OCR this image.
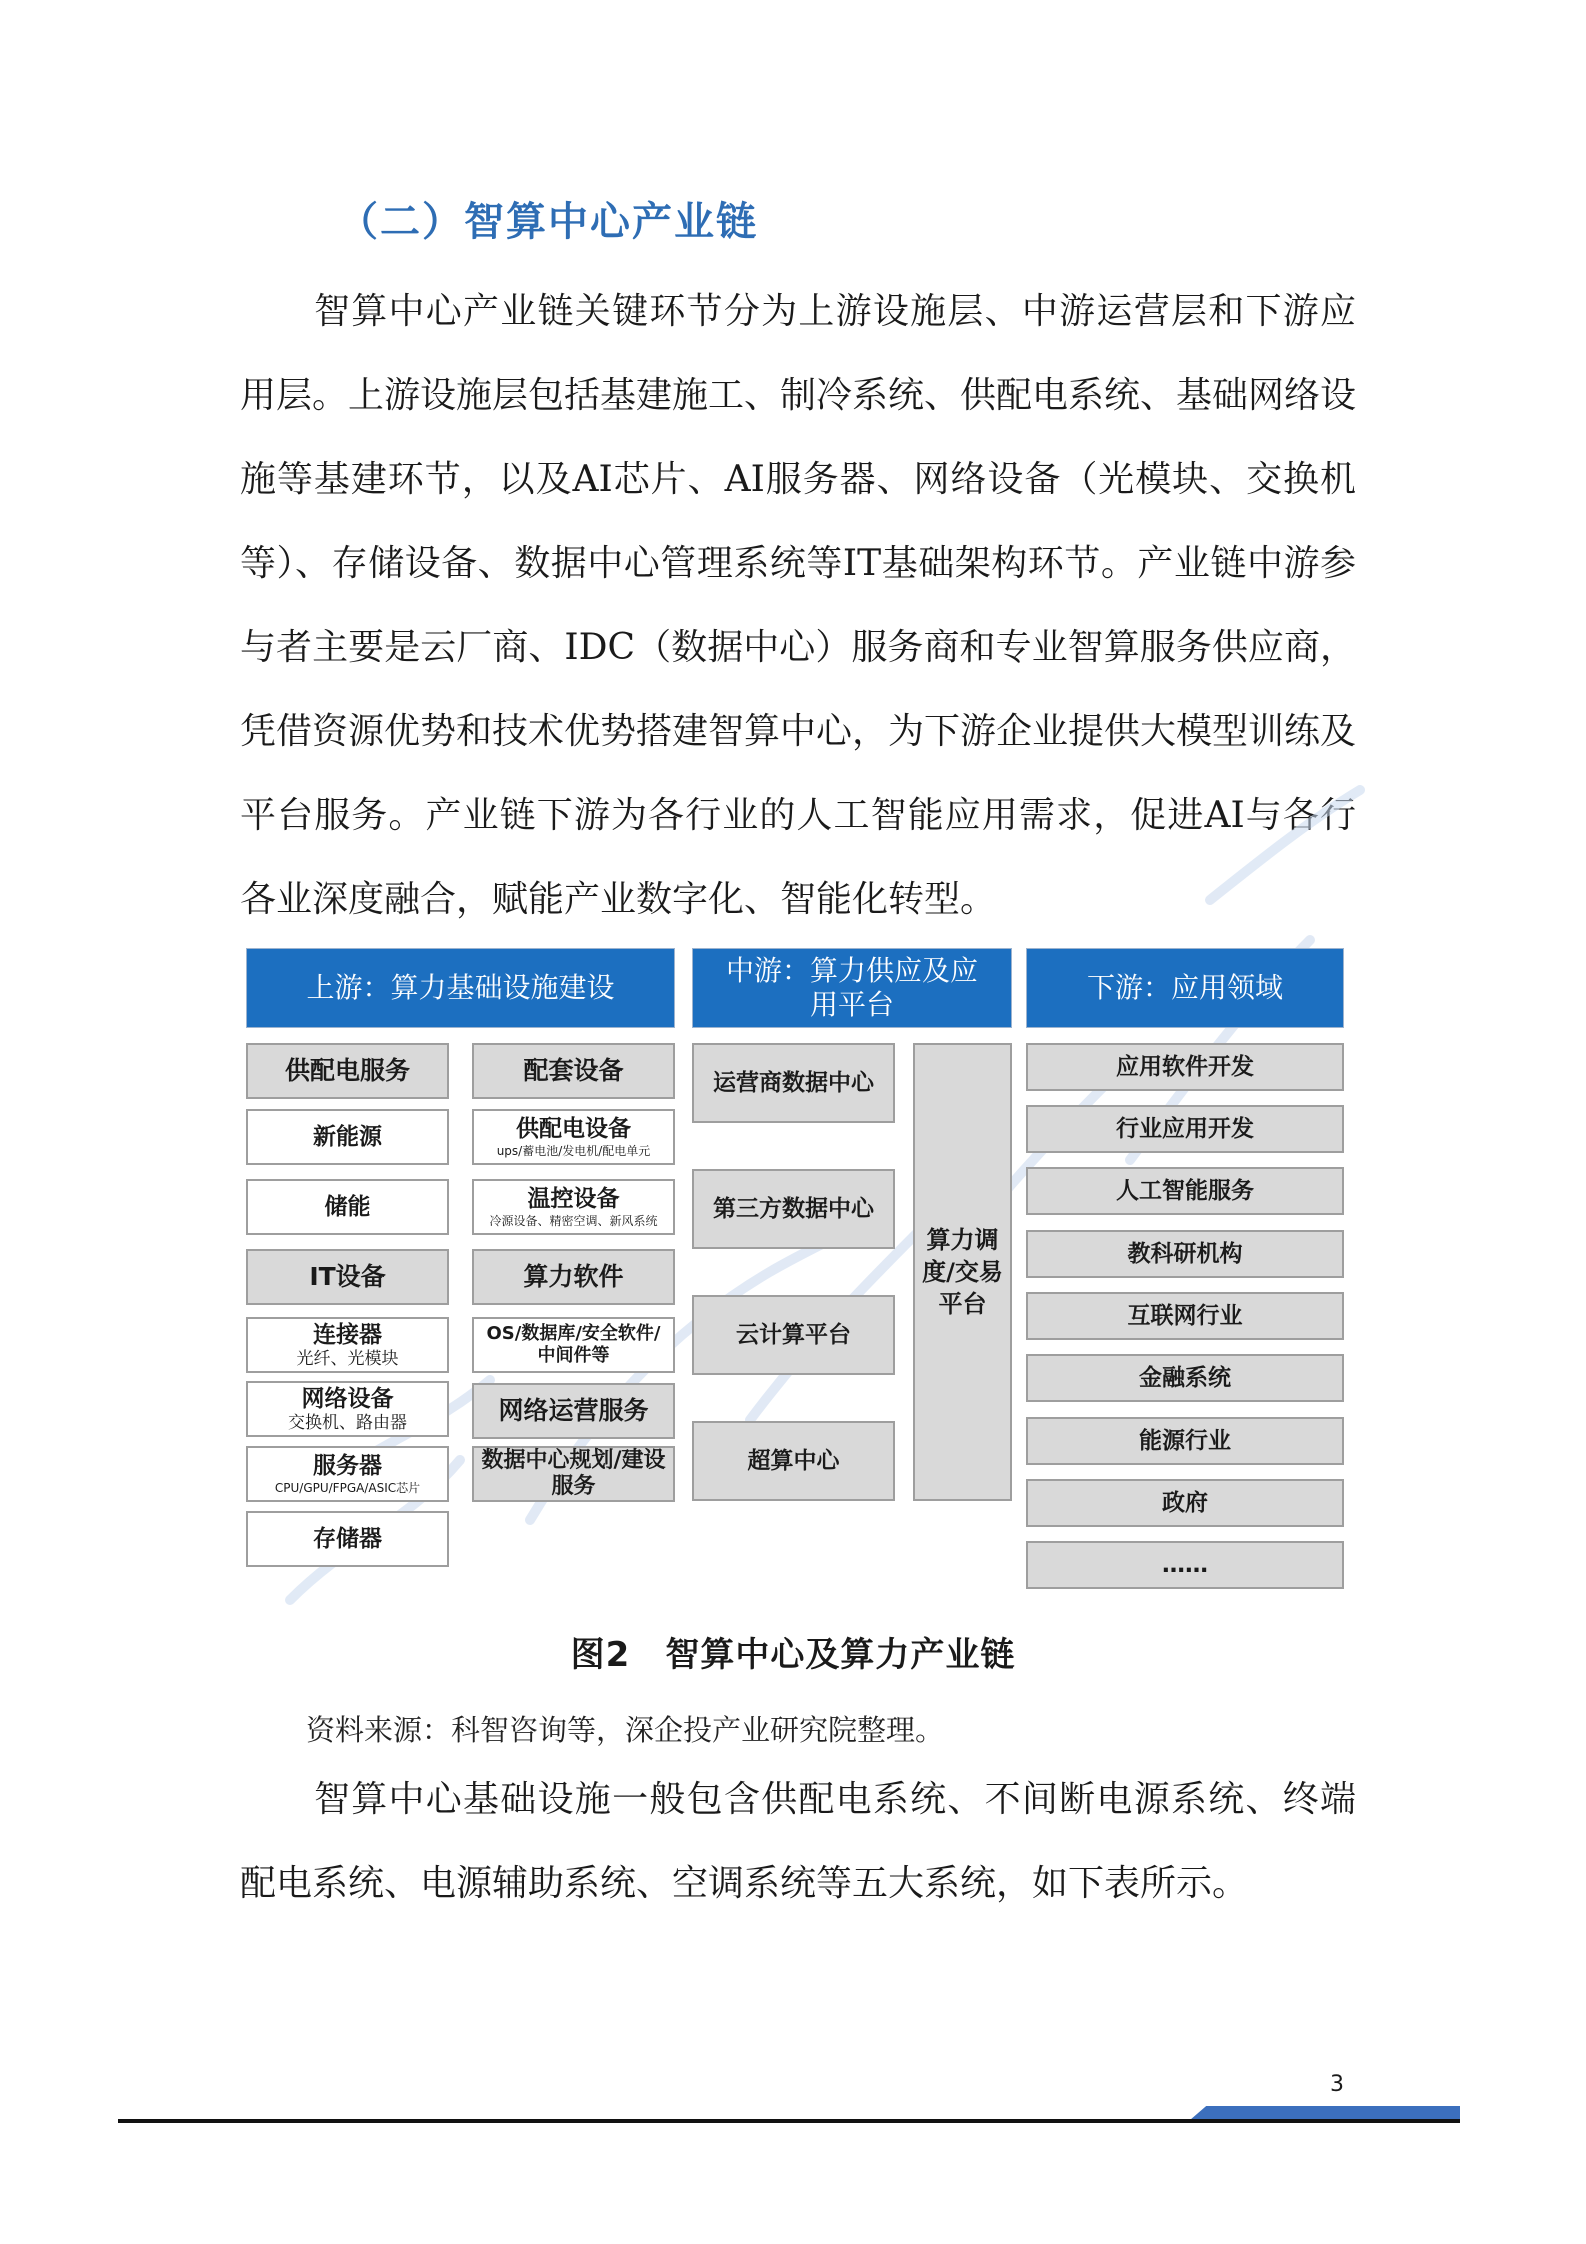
（二）智算中心产业链

智算中心产业链关键环节分为上游设施层、中游运营层和下游应用层。上游设施层包括基建施工、制冷系统、供配电系统、基础网络设施等基建环节，以及AI芯片、AI服务器、网络设备（光模块、交换机等）、存储设备、数据中心管理系统等IT基础架构环节。产业链中游参与者主要是云厂商、IDC（数据中心）服务商和专业智算服务供应商，凭借资源优势和技术优势搭建智算中心，为下游企业提供大模型训练及平台服务。产业链下游为各行业的人工智能应用需求，促进AI与各行各业深度融合，赋能产业数字化、智能化转型。

上游：算力基础设施建设
中游：算力供应及应用平台
下游：应用领域
供配电服务
新能源
储能
IT设备
连接器
光纤、光模块
网络设备
交换机、路由器
服务器
CPU/GPU/FPGA/ASIC芯片
存储器
配套设备
供配电设备
ups/蓄电池/发电机/配电单元
温控设备
冷源设备、精密空调、新风系统
算力软件
OS/数据库/安全软件/中间件等
网络运营服务
数据中心规划/建设服务
运营商数据中心
第三方数据中心
云计算平台
超算中心
算力调度/交易平台
应用软件开发
行业应用开发
人工智能服务
教科研机构
互联网行业
金融系统
能源行业
政府
……
图2　智算中心及算力产业链
资料来源：科智咨询等，深企投产业研究院整理。

智算中心基础设施一般包含供配电系统、不间断电源系统、终端配电系统、电源辅助系统、空调系统等五大系统，如下表所示。

3
